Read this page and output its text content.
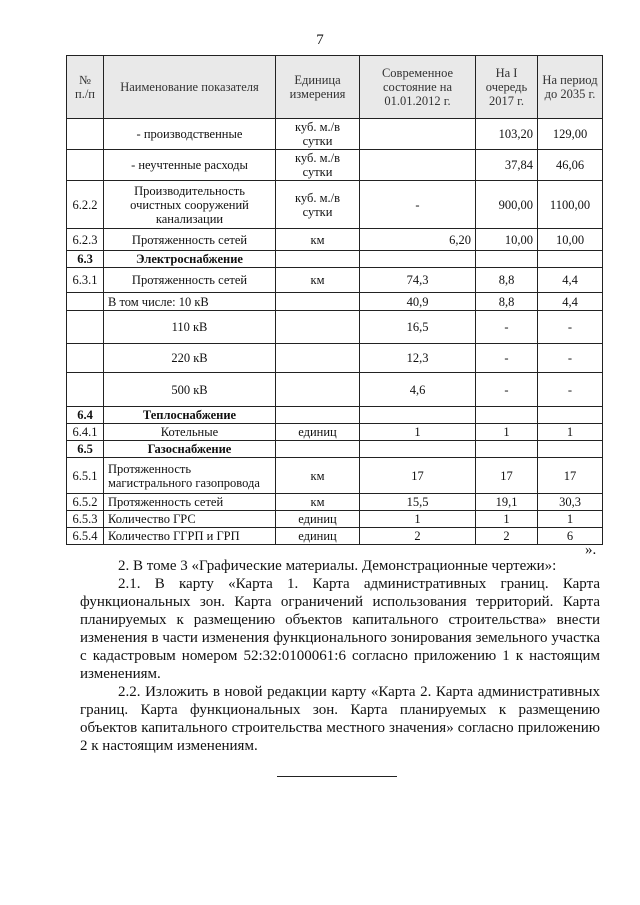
7
№ п./п	Наименование показателя	Единица измерения	Современное состояние на 01.01.2012 г.	На I очередь 2017 г.	На период до 2035 г.
	- производственные	куб. м./в сутки		103,20	129,00
	- неучтенные расходы	куб. м./в сутки		37,84	46,06
6.2.2	Производительность очистных сооружений канализации	куб. м./в сутки	-	900,00	1100,00
6.2.3	Протяженность сетей	км	6,20	10,00	10,00
6.3	Электроснабжение				
6.3.1	Протяженность сетей	км	74,3	8,8	4,4
	В том числе: 10 кВ		40,9	8,8	4,4
	110 кВ		16,5	-	-
	220 кВ		12,3	-	-
	500 кВ		4,6	-	-
6.4	Теплоснабжение				
6.4.1	Котельные	единиц	1	1	1
6.5	Газоснабжение				
6.5.1	Протяженность магистрального газопровода	км	17	17	17
6.5.2	Протяженность сетей	км	15,5	19,1	30,3
6.5.3	Количество ГРС	единиц	1	1	1
6.5.4	Количество ГГРП и ГРП	единиц	2	2	6
».
2. В томе 3 «Графические материалы. Демонстрационные чертежи»:
2.1. В карту «Карта 1. Карта административных границ. Карта функциональных зон. Карта ограничений использования территорий. Карта планируемых к размещению объектов капитального строительства» внести изменения в части изменения функционального зонирования земельного участка с кадастровым номером 52:32:0100061:6 согласно приложению 1 к настоящим изменениям.
2.2. Изложить в новой редакции карту «Карта 2. Карта административных границ. Карта функциональных зон. Карта планируемых к размещению объектов капитального строительства местного значения» согласно приложению 2 к настоящим изменениям.
